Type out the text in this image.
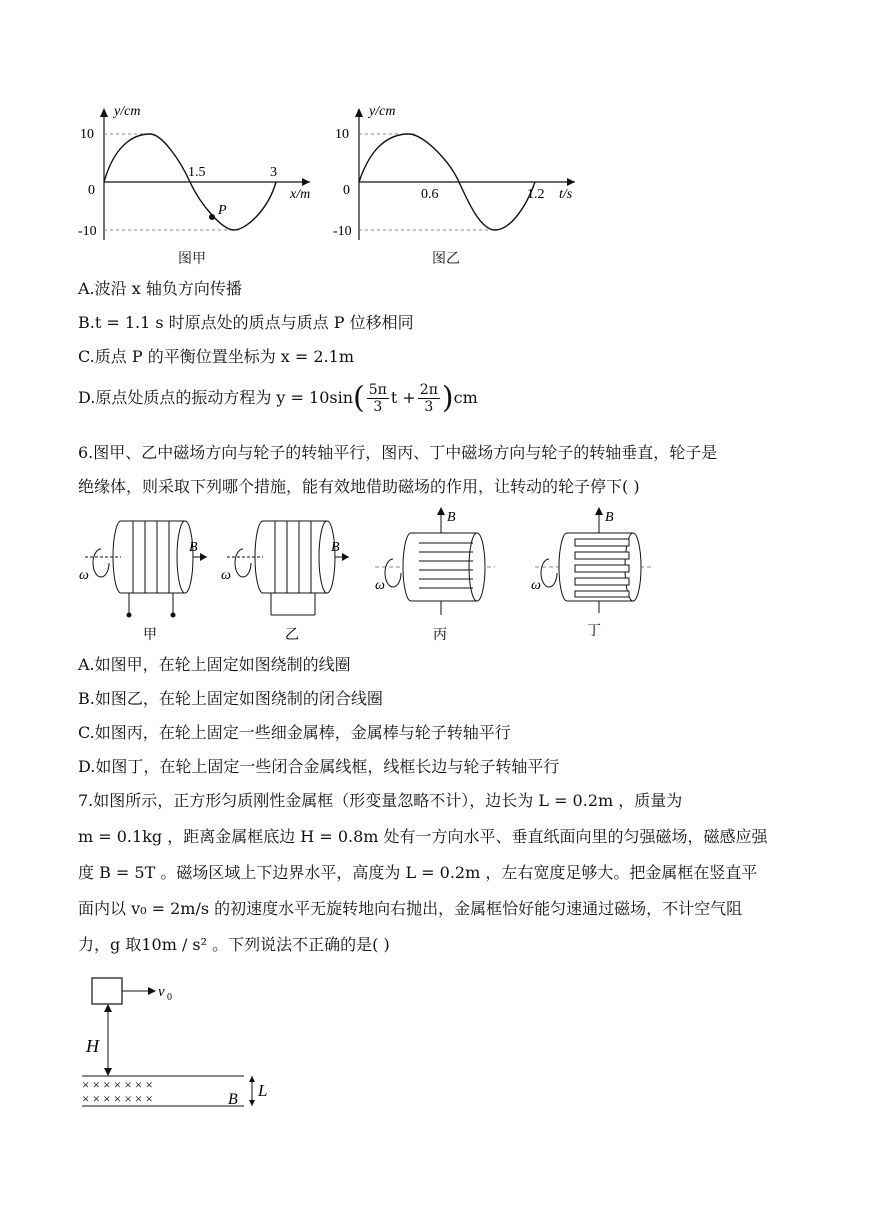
y/cm
10
0
-10
1.5	3
x/m
P
图甲
y/cm
10
0
-10
0.6	1.2 t/s
图乙
A.波沿 x 轴负方向传播
B.t = 1.1 s 时原点处的质点与质点 P 位移相同
C.质点 P 的平衡位置坐标为 x = 2.1m
D.原点处质点的振动方程为 $y = 10\sin( \frac{5\pi}{3}$ $t + \frac{2\pi}{3} )cm$
6.图甲、乙中磁场方向与轮子的转轴平行，图丙、丁中磁场方向与轮子的转轴垂直，轮子是
绝缘体，则采取下列哪个措施，能有效地借助磁场的作用，让转动的轮子停下( )
B
ω
B
ω
B
ω
B
ω
甲	乙	丙	丁
A.如图甲，在轮上固定如图绕制的线圈
B.如图乙，在轮上固定如图绕制的闭合线圈
C.如图丙，在轮上固定一些细金属棒，金属棒与轮子转轴平行
D.如图丁，在轮上固定一些闭合金属线框，线框长边与轮子转轴平行
7.如图所示，正方形匀质刚性金属框（形变量忽略不计），边长为 L = 0.2m ，质量为
m = 0.1kg ，距离金属框底边 H = 0.8m 处有一方向水平、垂直纸面向里的匀强磁场，磁感应强
度 B = 5T 。磁场区域上下边界水平，高度为 L = 0.2m ，左右宽度足够大。把金属框在竖直平
面内以 v₀ = 2m/s 的初速度水平无旋转地向右抛出，金属框恰好能匀速通过磁场，不计空气阻
力，g 取10m / s² 。下列说法不正确的是( )
v 0
H
× × × × × × ×
× × × × × × ×	B L
